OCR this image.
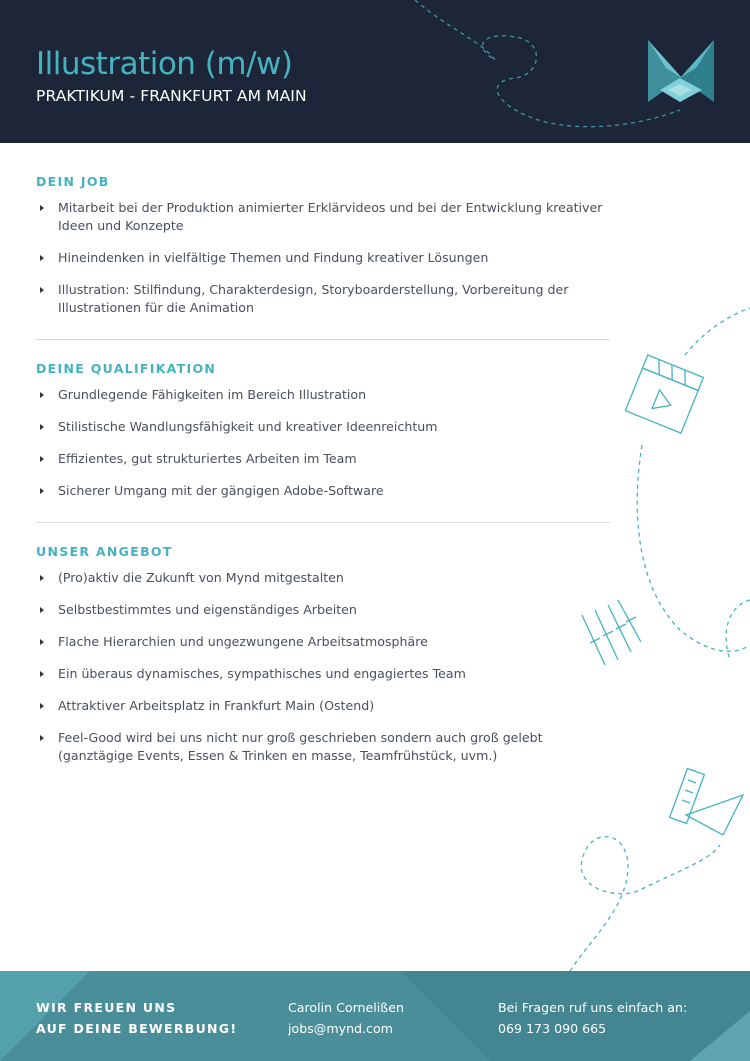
Illustration (m/w)
PRAKTIKUM - FRANKFURT AM MAIN
DEIN JOB
Mitarbeit bei der Produktion animierter Erklärvideos und bei der Entwicklung kreativer Ideen und Konzepte
Hineindenken in vielfältige Themen und Findung kreativer Lösungen
Illustration: Stilfindung, Charakterdesign, Storyboarderstellung, Vorbereitung der Illustrationen für die Animation
DEINE QUALIFIKATION
Grundlegende Fähigkeiten im Bereich Illustration
Stilistische Wandlungsfähigkeit und kreativer Ideenreichtum
Effizientes, gut strukturiertes Arbeiten im Team
Sicherer Umgang mit der gängigen Adobe-Software
UNSER ANGEBOT
(Pro)aktiv die Zukunft von Mynd mitgestalten
Selbstbestimmtes und eigenständiges Arbeiten
Flache Hierarchien und ungezwungene Arbeitsatmosphäre
Ein überaus dynamisches, sympathisches und engagiertes Team
Attraktiver Arbeitsplatz in Frankfurt Main (Ostend)
Feel-Good wird bei uns nicht nur groß geschrieben sondern auch groß gelebt (ganztägige Events, Essen & Trinken en masse, Teamfrühstück, uvm.)
WIR FREUEN UNS
AUF DEINE BEWERBUNG!
Carolin Cornelißen
jobs@mynd.com
Bei Fragen ruf uns einfach an:
069 173 090 665
